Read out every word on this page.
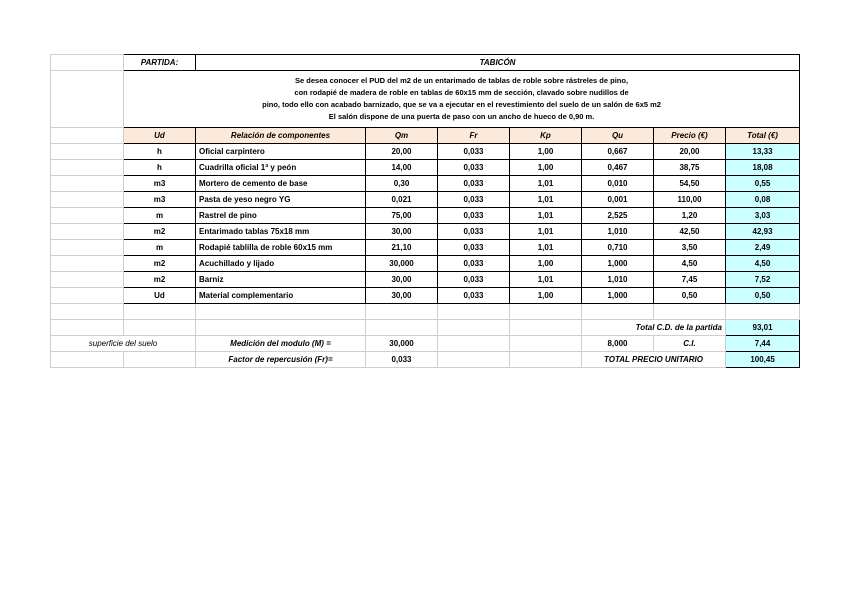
	PARTIDA:	TABICÓN						

	Se desea conocer el PUD del m2 de un entarimado de tablas de roble sobre rástreles de pino,
con rodapié de madera de roble en tablas de 60x15 mm de sección, clavado sobre nudillos de
pino, todo ello con acabado barnizado, que se va a ejecutar en el revestimiento del suelo de un salón de 6x5 m2
El salón dispone de una puerta de paso con un ancho de hueco de 0,90 m.							

	Ud	Relación de componentes	Qm	Fr	Kp	Qu	Precio (€)	Total (€)
	h	Oficial carpintero	20,00	0,033	1,00	0,667	20,00	13,33
	h	Cuadrilla oficial 1ª y peón	14,00	0,033	1,00	0,467	38,75	18,08
	m3	Mortero de cemento de base	0,30	0,033	1,01	0,010	54,50	0,55
	m3	Pasta de yeso negro YG	0,021	0,033	1,01	0,001	110,00	0,08
	m	Rastrel de pino	75,00	0,033	1,01	2,525	1,20	3,03
	m2	Entarimado tablas 75x18 mm	30,00	0,033	1,01	1,010	42,50	42,93
	m	Rodapié tablilla de roble 60x15 mm	21,10	0,033	1,01	0,710	3,50	2,49
	m2	Acuchillado y lijado	30,000	0,033	1,00	1,000	4,50	4,50
	m2	Barniz	30,00	0,033	1,01	1,010	7,45	7,52
	Ud	Material complementario	30,00	0,033	1,00	1,000	0,50	0,50

						Total C.D. de la partida		93,01
superficie del suelo		Medición del modulo (M) =	30,000			8,000	C.I.	7,44
		Factor de repercusión (Fr)=	0,033			TOTAL PRECIO UNITARIO		100,45
